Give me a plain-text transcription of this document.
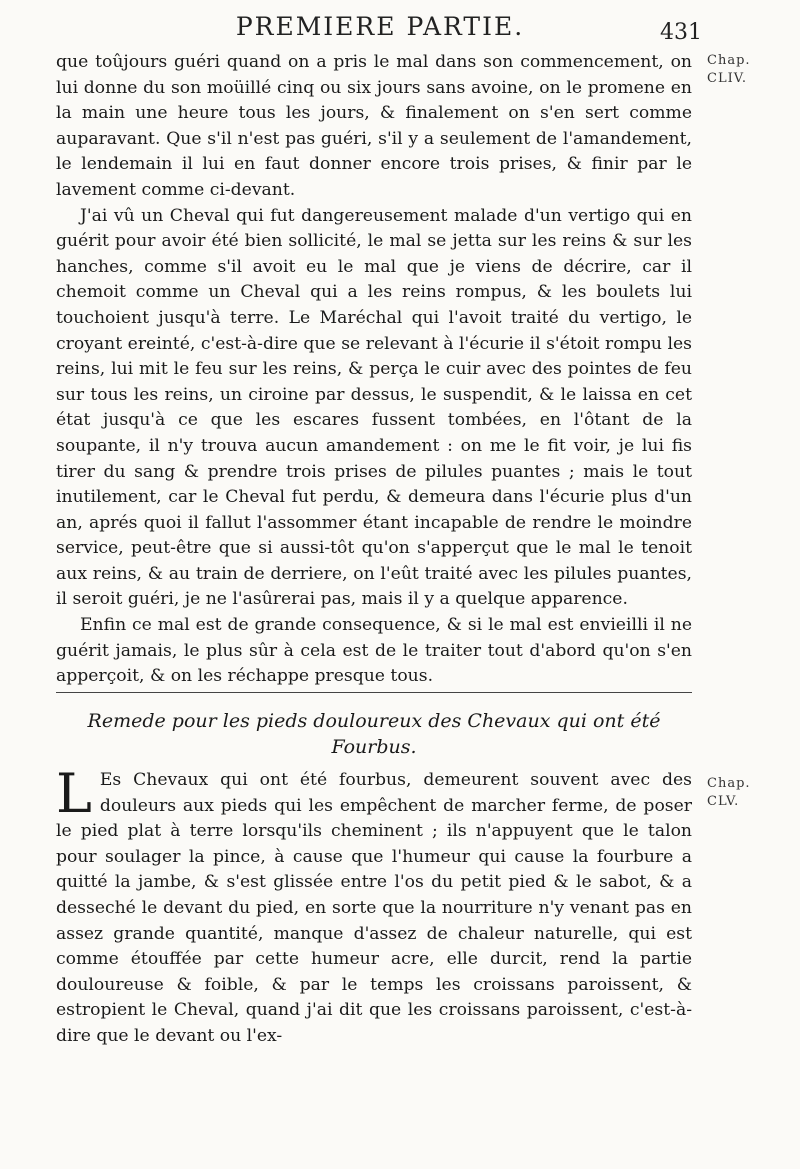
PREMIERE PARTIE.	431
Chap.
CLIV.

que toûjours guéri quand on a pris le mal dans son commencement, on lui donne du son moüillé cinq ou six jours sans avoine, on le promene en la main une heure tous les jours, & finalement on s'en sert comme auparavant. Que s'il n'est pas guéri, s'il y a seulement de l'amandement, le lendemain il lui en faut donner encore trois prises, & finir par le lavement comme ci-devant.

J'ai vû un Cheval qui fut dangereusement malade d'un vertigo qui en guérit pour avoir été bien sollicité, le mal se jetta sur les reins & sur les hanches, comme s'il avoit eu le mal que je viens de décrire, car il chemoit comme un Cheval qui a les reins rompus, & les boulets lui touchoient jusqu'à terre. Le Maréchal qui l'avoit traité du vertigo, le croyant ereinté, c'est-à-dire que se relevant à l'écurie il s'étoit rompu les reins, lui mit le feu sur les reins, & perça le cuir avec des pointes de feu sur tous les reins, un ciroine par dessus, le suspendit, & le laissa en cet état jusqu'à ce que les escares fussent tombées, en l'ôtant de la soupante, il n'y trouva aucun amandement : on me le fit voir, je lui fis tirer du sang & prendre trois prises de pilules puantes ; mais le tout inutilement, car le Cheval fut perdu, & demeura dans l'écurie plus d'un an, aprés quoi il fallut l'assommer étant incapable de rendre le moindre service, peut-être que si aussi-tôt qu'on s'apperçut que le mal le tenoit aux reins, & au train de derriere, on l'eût traité avec les pilules puantes, il seroit guéri, je ne l'asûrerai pas, mais il y a quelque apparence.

Enfin ce mal est de grande consequence, & si le mal est envieilli il ne guérit jamais, le plus sûr à cela est de le traiter tout d'abord qu'on s'en apperçoit, & on les réchappe presque tous.

Remede pour les pieds douloureux des Chevaux qui ont été Fourbus.
Chap.
CLV.

L Es Chevaux qui ont été fourbus, demeurent souvent avec des douleurs aux pieds qui les empêchent de marcher ferme, de poser le pied plat à terre lorsqu'ils cheminent ; ils n'appuyent que le talon pour soulager la pince, à cause que l'humeur qui cause la fourbure a quitté la jambe, & s'est glissée entre l'os du petit pied & le sabot, & a desseché le devant du pied, en sorte que la nourriture n'y venant pas en assez grande quantité, manque d'assez de chaleur naturelle, qui est comme étouffée par cette humeur acre, elle durcit, rend la partie douloureuse & foible, & par le temps les croissans paroissent, & estropient le Cheval, quand j'ai dit que les croissans paroissent, c'est-à-dire que le devant ou l'ex-
